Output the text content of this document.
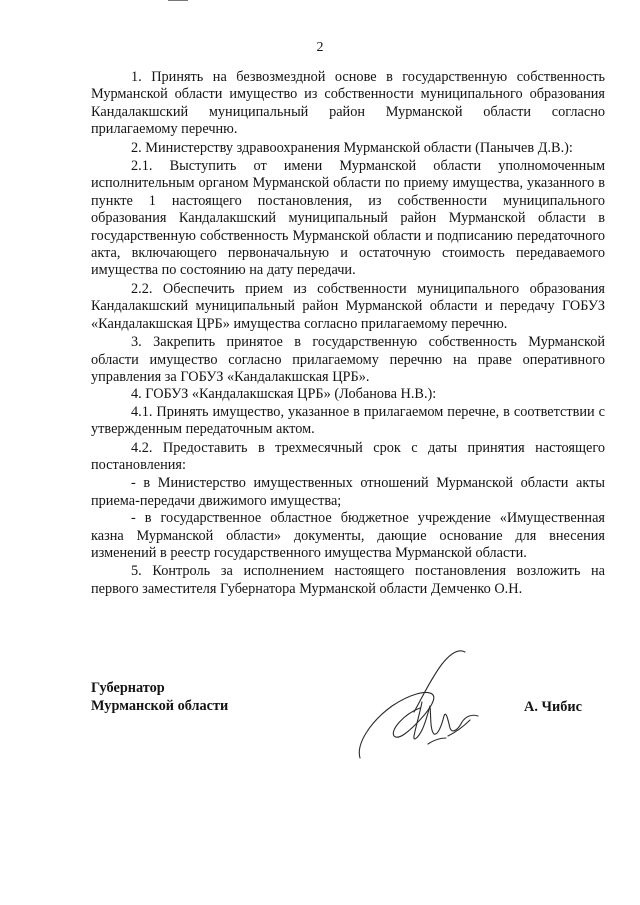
2

1. Принять на безвозмездной основе в государственную собственность Мурманской области имущество из собственности муниципального образования Кандалакшский муниципальный район Мурманской области согласно прилагаемому перечню.

2. Министерству здравоохранения Мурманской области (Панычев Д.В.):

2.1. Выступить от имени Мурманской области уполномоченным исполнительным органом Мурманской области по приему имущества, указанного в пункте 1 настоящего постановления, из собственности муниципального образования Кандалакшский муниципальный район Мурманской области в государственную собственность Мурманской области и подписанию передаточного акта, включающего первоначальную и остаточную стоимость передаваемого имущества по состоянию на дату передачи.

2.2. Обеспечить прием из собственности муниципального образования Кандалакшский муниципальный район Мурманской области и передачу ГОБУЗ «Кандалакшская ЦРБ» имущества согласно прилагаемому перечню.

3. Закрепить принятое в государственную собственность Мурманской области имущество согласно прилагаемому перечню на праве оперативного управления за ГОБУЗ «Кандалакшская ЦРБ».

4. ГОБУЗ «Кандалакшская ЦРБ» (Лобанова Н.В.):

4.1. Принять имущество, указанное в прилагаемом перечне, в соответствии с утвержденным передаточным актом.

4.2. Предоставить в трехмесячный срок с даты принятия настоящего постановления:

- в Министерство имущественных отношений Мурманской области акты приема-передачи движимого имущества;

- в государственное областное бюджетное учреждение «Имущественная казна Мурманской области» документы, дающие основание для внесения изменений в реестр государственного имущества Мурманской области.

5. Контроль за исполнением настоящего постановления возложить на первого заместителя Губернатора Мурманской области Демченко О.Н.

Губернатор
Мурманской области	А. Чибис
